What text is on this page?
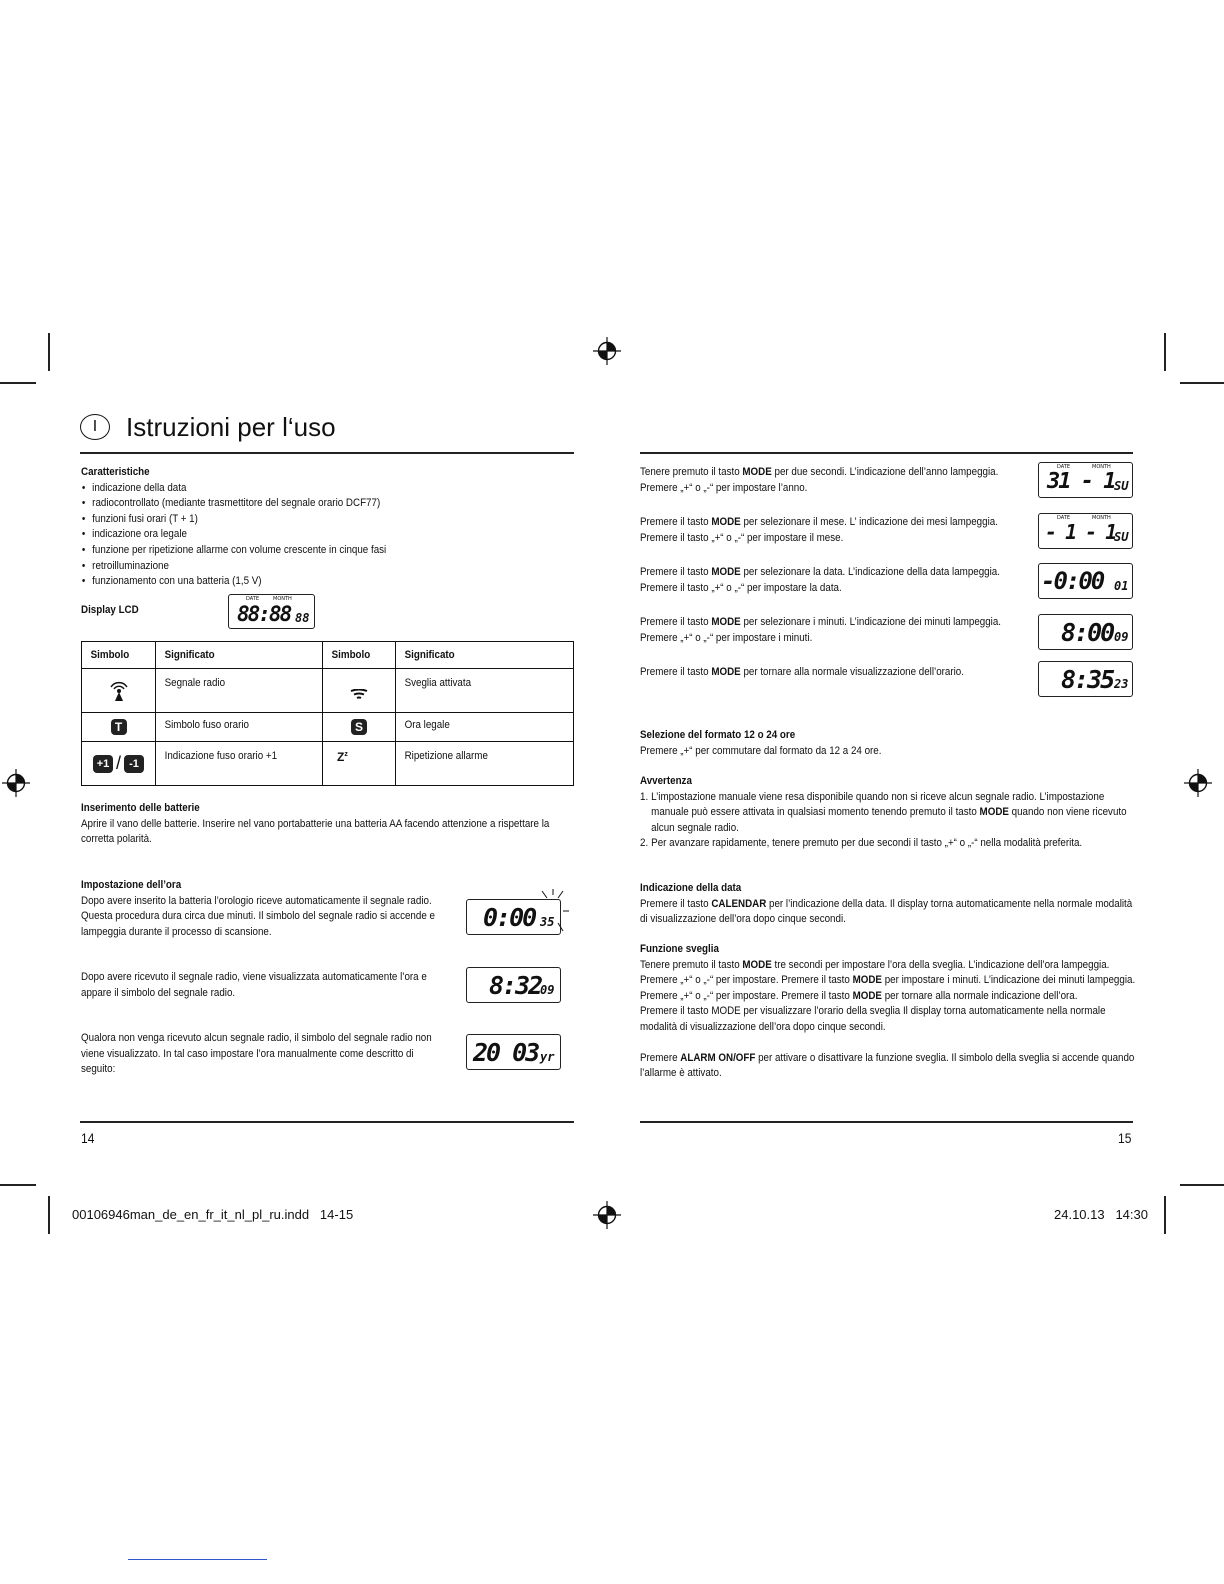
I	Istruzioni per l‘uso
Caratteristiche
• indicazione della data
• radiocontrollato (mediante trasmettitore del segnale orario DCF77)
• funzioni fusi orari (T + 1)
• indicazione ora legale
• funzione per ripetizione allarme con volume crescente in cinque fasi
• retroilluminazione
• funzionamento con una batteria (1,5 V)
Display LCD
DATE	MONTH
88:88 88
Simbolo	Significato	Simbolo	Significato

Segnale radio		Sveglia attivata

T	Simbolo fuso orario	S	Ora legale

+1 / -1	Indicazione fuso orario +1	$Z^z$	Ripetizione allarme
Inserimento delle batterie
Aprire il vano delle batterie. Inserire nel vano portabatterie una batteria AA facendo attenzione a rispettare la corretta polarità.
Impostazione dell’ora
Dopo avere inserito la batteria l’orologio riceve automaticamente il segnale radio. Questa procedura dura circa due minuti. Il simbolo del segnale radio si accende e lampeggia durante il processo di scansione.	0:00 35
Dopo avere ricevuto il segnale radio, viene visualizzata automaticamente l’ora e appare il simbolo del segnale radio.	8:32
09
Qualora non venga ricevuto alcun segnale radio, il simbolo del segnale radio non viene visualizzato. In tal caso impostare l’ora manualmente come descritto di seguito:
20 03 yr
14
Tenere premuto il tasto MODE per due secondi. L’indicazione dell’anno lampeggia. Premere „+“ o „-“ per impostare l’anno.
DATE	MONTH
31 - 1 SU
Premere il tasto MODE per selezionare il mese. L’ indicazione dei mesi lampeggia. Premere il tasto „+“ o „-“ per impostare il mese.
DATE	MONTH
- 1 - 1
SU
Premere il tasto MODE per selezionare la data. L’indicazione della data lampeggia. Premere il tasto „+“ o „-“ per impostare la data.	-0:00 01
Premere il tasto MODE per selezionare i minuti. L’indicazione dei minuti lampeggia. Premere „+“ o „-“ per impostare i minuti.	8:00 09
Premere il tasto MODE per tornare alla normale visualizzazione dell’orario.	8:35 23
Selezione del formato 12 o 24 ore
Premere „+“ per commutare dal formato da 12 a 24 ore.
Avvertenza
1. L’impostazione manuale viene resa disponibile quando non si riceve alcun segnale radio. L’impostazione manuale può essere attivata in qualsiasi momento tenendo premuto il tasto MODE quando non viene ricevuto alcun segnale radio.
2. Per avanzare rapidamente, tenere premuto per due secondi il tasto „+“ o „-“ nella modalità preferita.
Indicazione della data
Premere il tasto CALENDAR per l’indicazione della data. Il display torna automaticamente nella normale modalità di visualizzazione dell’ora dopo cinque secondi.
Funzione sveglia
Tenere premuto il tasto MODE tre secondi per impostare l’ora della sveglia. L’indicazione dell’ora lampeggia. Premere „+“ o „-“ per impostare. Premere il tasto MODE per impostare i minuti. L’indicazione dei minuti lampeggia. Premere „+“ o „-“ per impostare. Premere il tasto MODE per tornare alla normale indicazione dell’ora.
Premere il tasto MODE per visualizzare l’orario della sveglia Il display torna automaticamente nella normale modalità di visualizzazione dell’ora dopo cinque secondi.
Premere ALARM ON/OFF per attivare o disattivare la funzione sveglia. Il simbolo della sveglia si accende quando l’allarme è attivato.
15
00106946man_de_en_fr_it_nl_pl_ru.indd   14-15	24.10.13   14:30
